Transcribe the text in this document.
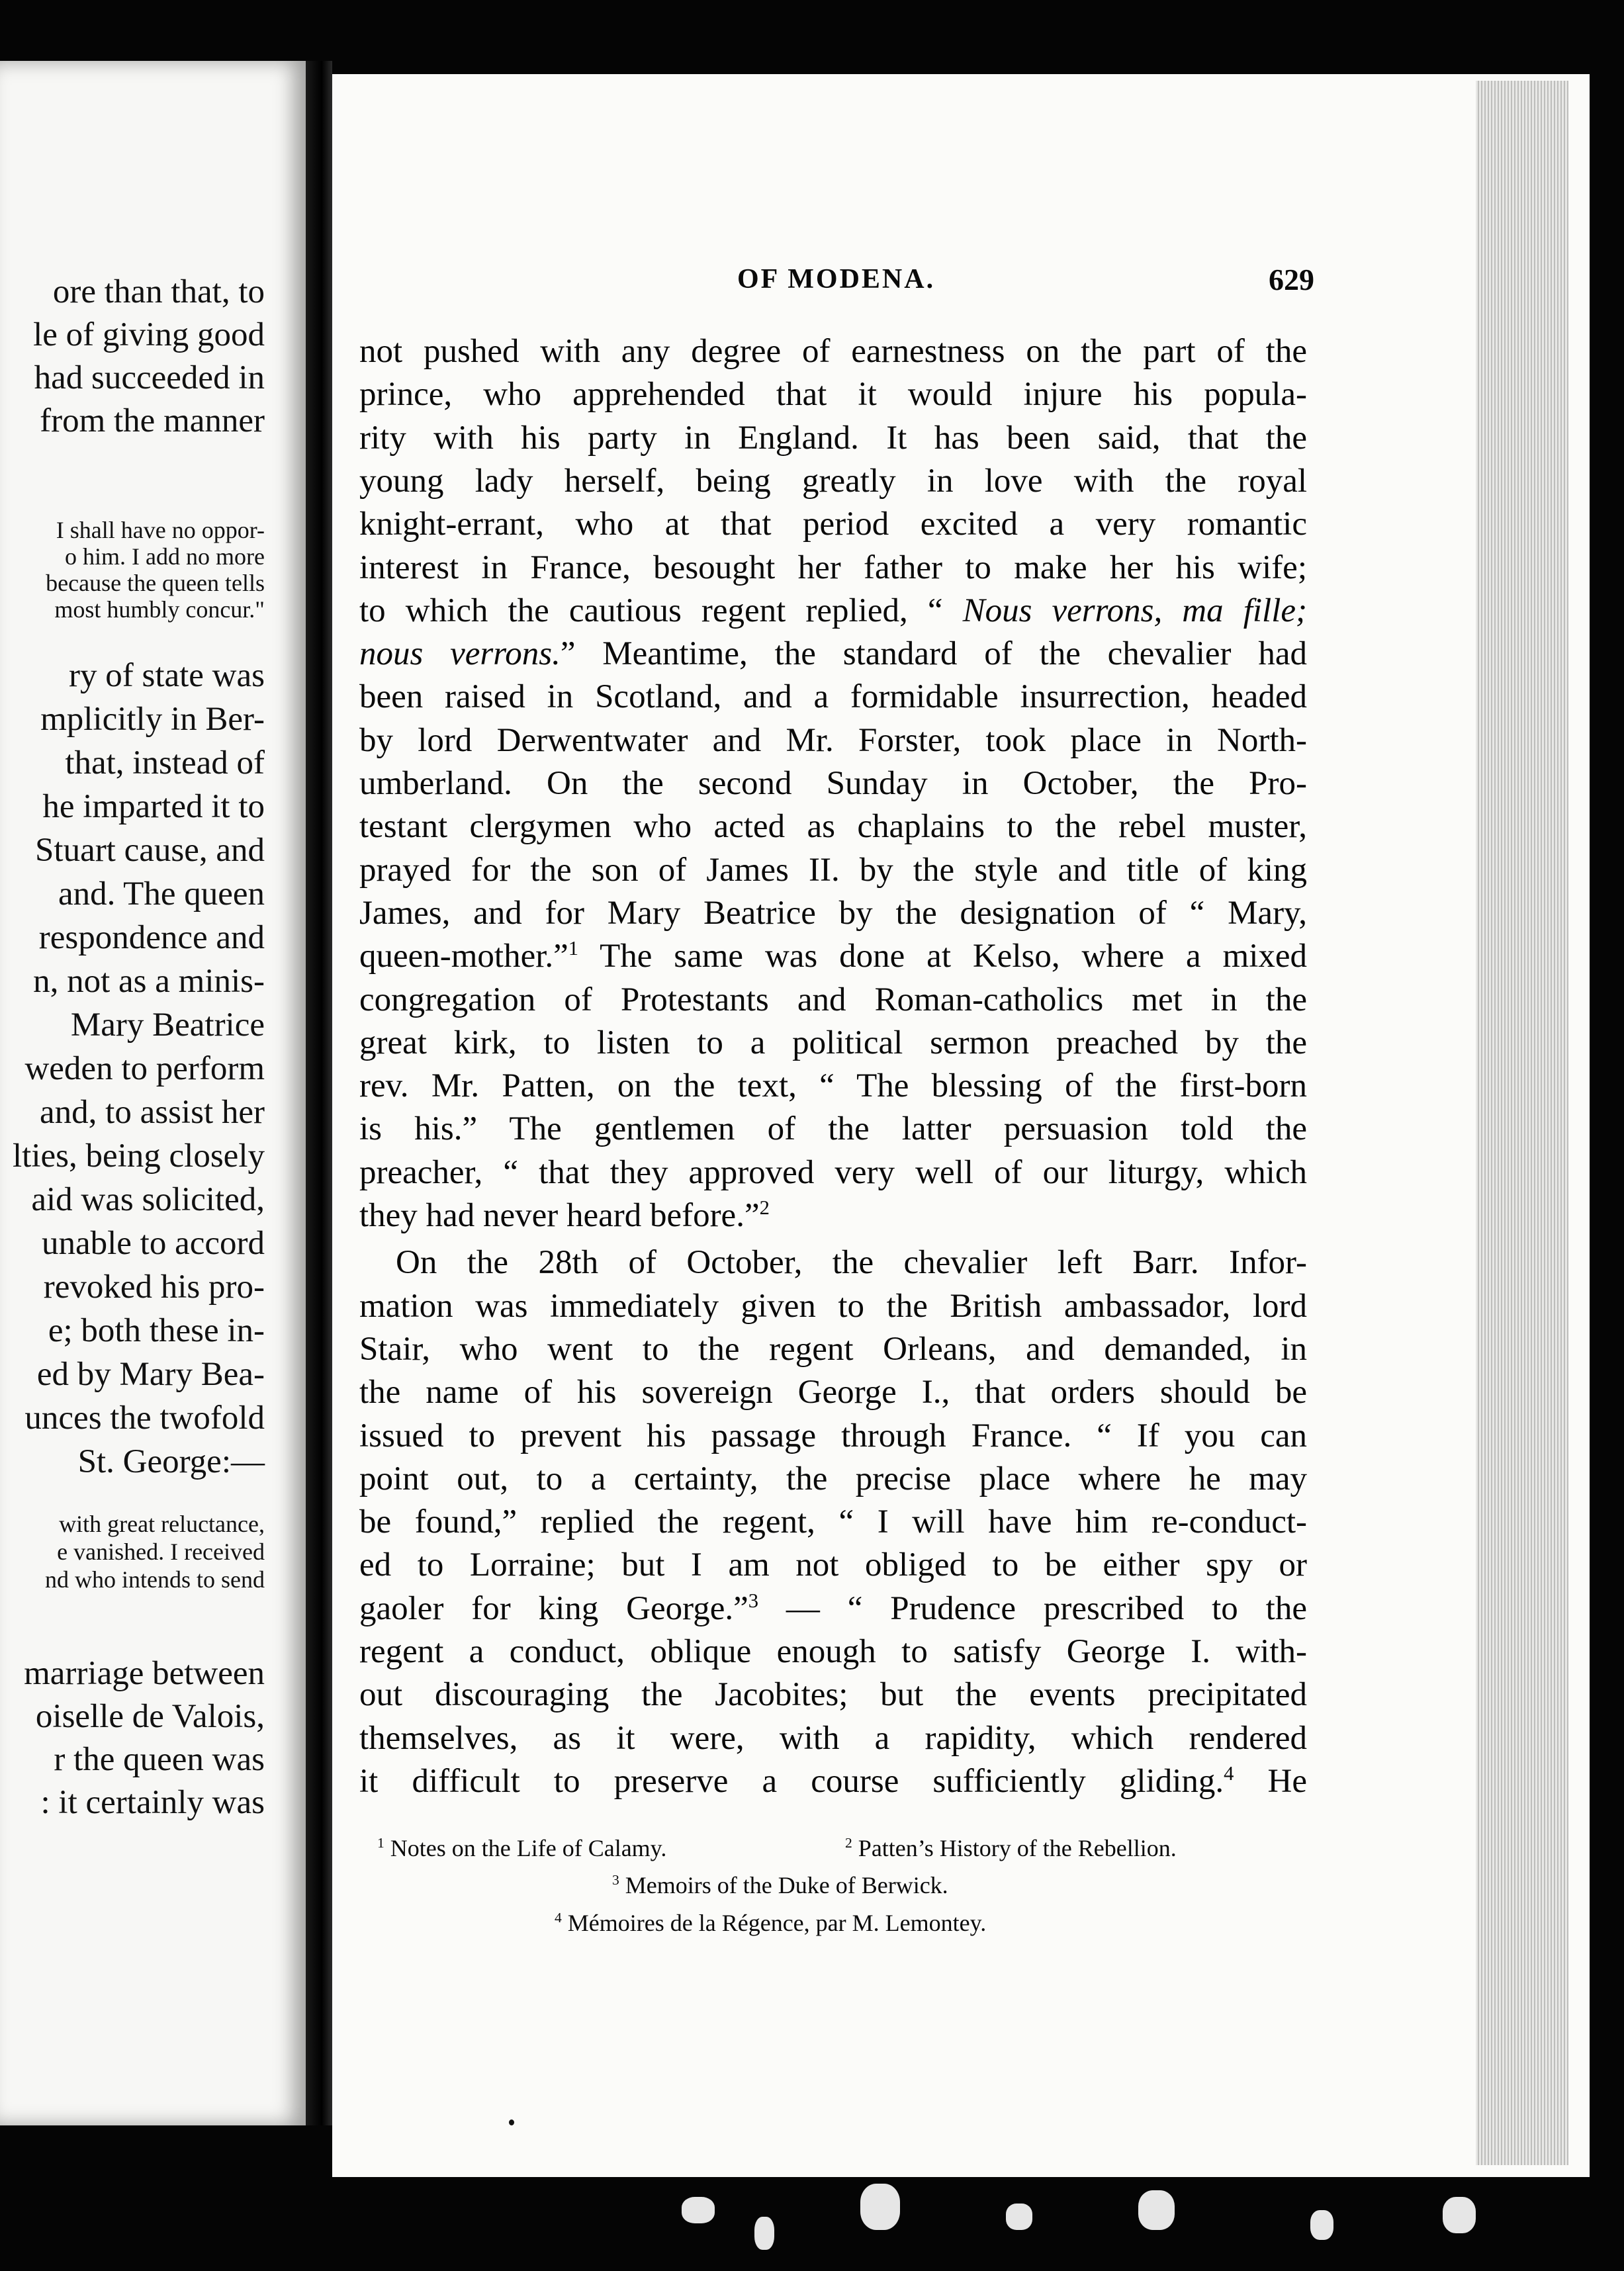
ore than that, to
le of giving good
had succeeded in
from the manner
I shall have no oppor-
o him. I add no more
because the queen tells
most humbly concur."
ry of state was
mplicitly in Ber-
that, instead of
he imparted it to
Stuart cause, and
and. The queen
respondence and
n, not as a minis-
Mary Beatrice
weden to perform
and, to assist her
lties, being closely
aid was solicited,
unable to accord
revoked his pro-
e; both these in-
ed by Mary Bea-
unces the twofold
St. George:—
with great reluctance,
e vanished. I received
nd who intends to send
marriage between
oiselle de Valois,
r the queen was
: it certainly was
OF MODENA.	629
not pushed with any degree of earnestness on the part of the
prince, who apprehended that it would injure his popula-
rity with his party in England. It has been said, that the
young lady herself, being greatly in love with the royal
knight-errant, who at that period excited a very romantic
interest in France, besought her father to make her his wife;
to which the cautious regent replied, “ Nous verrons, ma fille;
nous verrons.” Meantime, the standard of the chevalier had
been raised in Scotland, and a formidable insurrection, headed
by lord Derwentwater and Mr. Forster, took place in North-
umberland. On the second Sunday in October, the Pro-
testant clergymen who acted as chaplains to the rebel muster,
prayed for the son of James II. by the style and title of king
James, and for Mary Beatrice by the designation of “ Mary,
queen-mother.”$^1$ The same was done at Kelso, where a mixed
congregation of Protestants and Roman-catholics met in the
great kirk, to listen to a political sermon preached by the
rev. Mr. Patten, on the text, “ The blessing of the first-born
is his.” The gentlemen of the latter persuasion told the
preacher, “ that they approved very well of our liturgy, which
they had never heard before.”$^2$
On the 28th of October, the chevalier left Barr. Infor-
mation was immediately given to the British ambassador, lord
Stair, who went to the regent Orleans, and demanded, in
the name of his sovereign George I., that orders should be
issued to prevent his passage through France. “ If you can
point out, to a certainty, the precise place where he may
be found,” replied the regent, “ I will have him re-conduct-
ed to Lorraine; but I am not obliged to be either spy or
gaoler for king George.”$^3$ — “ Prudence prescribed to the
regent a conduct, oblique enough to satisfy George I. with-
out discouraging the Jacobites; but the events precipitated
themselves, as it were, with a rapidity, which rendered
it difficult to preserve a course sufficiently gliding.$^4$ He
$^1$ Notes on the Life of Calamy.	$^2$ Patten’s History of the Rebellion.
$^3$ Memoirs of the Duke of Berwick.
$^4$ Mémoires de la Régence, par M. Lemontey.
